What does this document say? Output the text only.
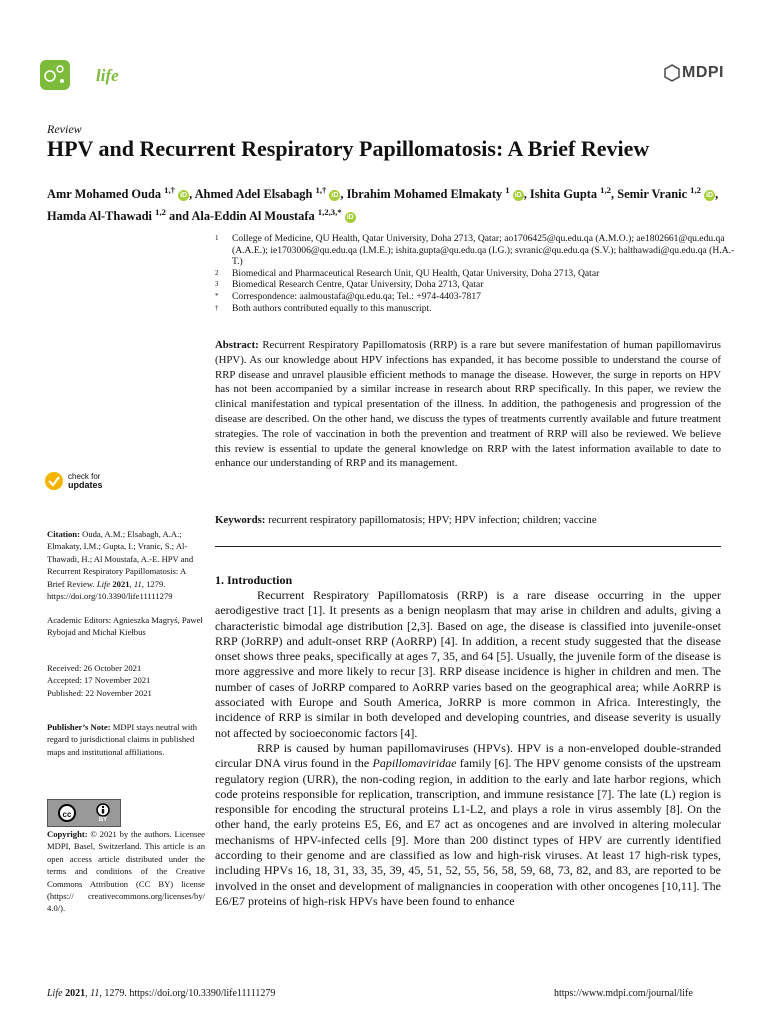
life	MDPI
Review
HPV and Recurrent Respiratory Papillomatosis: A Brief Review
Amr Mohamed Ouda $^{1,\dagger}$ iD , Ahmed Adel Elsabagh $^{1,\dagger}$ iD , Ibrahim Mohamed Elmakaty $^1$ iD , Ishita Gupta $^{1,2}$, Semir Vranic $^{1,2}$ iD , Hamda Al-Thawadi $^{1,2}$ and Ala-Eddin Al Moustafa $^{1,2,3,*}$ iD
1	College of Medicine, QU Health, Qatar University, Doha 2713, Qatar; ao1706425@qu.edu.qa (A.M.O.); ae1802661@qu.edu.qa (A.A.E.); ie1703006@qu.edu.qa (I.M.E.); ishita.gupta@qu.edu.qa (I.G.); svranic@qu.edu.qa (S.V.); halthawadi@qu.edu.qa (H.A.-T.)
2	Biomedical and Pharmaceutical Research Unit, QU Health, Qatar University, Doha 2713, Qatar
3	Biomedical Research Centre, Qatar University, Doha 2713, Qatar
*	Correspondence: aalmoustafa@qu.edu.qa; Tel.: +974-4403-7817
†	Both authors contributed equally to this manuscript.
Abstract: Recurrent Respiratory Papillomatosis (RRP) is a rare but severe manifestation of human papillomavirus (HPV). As our knowledge about HPV infections has expanded, it has become possible to understand the course of RRP disease and unravel plausible efficient methods to manage the disease. However, the surge in reports on HPV has not been accompanied by a similar increase in research about RRP specifically. In this paper, we review the clinical manifestation and typical presentation of the illness. In addition, the pathogenesis and progression of the disease are described. On the other hand, we discuss the types of treatments currently available and future treatment strategies. The role of vaccination in both the prevention and treatment of RRP will also be reviewed. We believe this review is essential to update the general knowledge on RRP with the latest information available to date to enhance our understanding of RRP and its management.
Keywords: recurrent respiratory papillomatosis; HPV; HPV infection; children; vaccine
1. Introduction

Recurrent Respiratory Papillomatosis (RRP) is a rare disease occurring in the upper aerodigestive tract [1]. It presents as a benign neoplasm that may arise in children and adults, giving a characteristic bimodal age distribution [2,3]. Based on age, the disease is classified into juvenile-onset RRP (JoRRP) and adult-onset RRP (AoRRP) [4]. In addition, a recent study suggested that the disease onset shows three peaks, specifically at ages 7, 35, and 64 [5]. Usually, the juvenile form of the disease is more aggressive and more likely to recur [3]. RRP disease incidence is higher in children and men. The number of cases of JoRRP compared to AoRRP varies based on the geographical area; while AoRRP is associated with Europe and South America, JoRRP is more common in Africa. Interestingly, the incidence of RRP is similar in both developed and developing countries, and disease severity is usually not affected by socioeconomic factors [4].

RRP is caused by human papillomaviruses (HPVs). HPV is a non-enveloped double-stranded circular DNA virus found in the Papillomaviridae family [6]. The HPV genome consists of the upstream regulatory region (URR), the non-coding region, in addition to the early and late harbor regions, which code proteins responsible for replication, transcription, and immune resistance [7]. The late (L) region is responsible for encoding the structural proteins L1-L2, and plays a role in virus assembly [8]. On the other hand, the early proteins E5, E6, and E7 act as oncogenes and are involved in altering molecular mechanisms of HPV-infected cells [9]. More than 200 distinct types of HPV are currently identified according to their genome and are classified as low and high-risk viruses. At least 17 high-risk types, including HPVs 16, 18, 31, 33, 35, 39, 45, 51, 52, 55, 56, 58, 59, 68, 73, 82, and 83, are reported to be involved in the onset and development of malignancies in cooperation with other oncogenes [10,11]. The E6/E7 proteins of high-risk HPVs have been found to enhance

check for
updates
Citation: Ouda, A.M.; Elsabagh, A.A.; Elmakaty, I.M.; Gupta, I.; Vranic, S.; Al-Thawadi, H.; Al Moustafa, A.-E. HPV and Recurrent Respiratory Papillomatosis: A Brief Review. Life 2021, 11, 1279. https://doi.org/10.3390/life11111279
Academic Editors: Agnieszka Magryś, Paweł Rybojad and Michał Kiełbus
Received: 26 October 2021
Accepted: 17 November 2021
Published: 22 November 2021
Publisher’s Note: MDPI stays neutral with regard to jurisdictional claims in published maps and institutional affiliations.
cc
BY
Copyright: © 2021 by the authors. Licensee MDPI, Basel, Switzerland. This article is an open access article distributed under the terms and conditions of the Creative Commons Attribution (CC BY) license (https:// creativecommons.org/licenses/by/ 4.0/).
Life 2021, 11, 1279. https://doi.org/10.3390/life11111279	https://www.mdpi.com/journal/life
